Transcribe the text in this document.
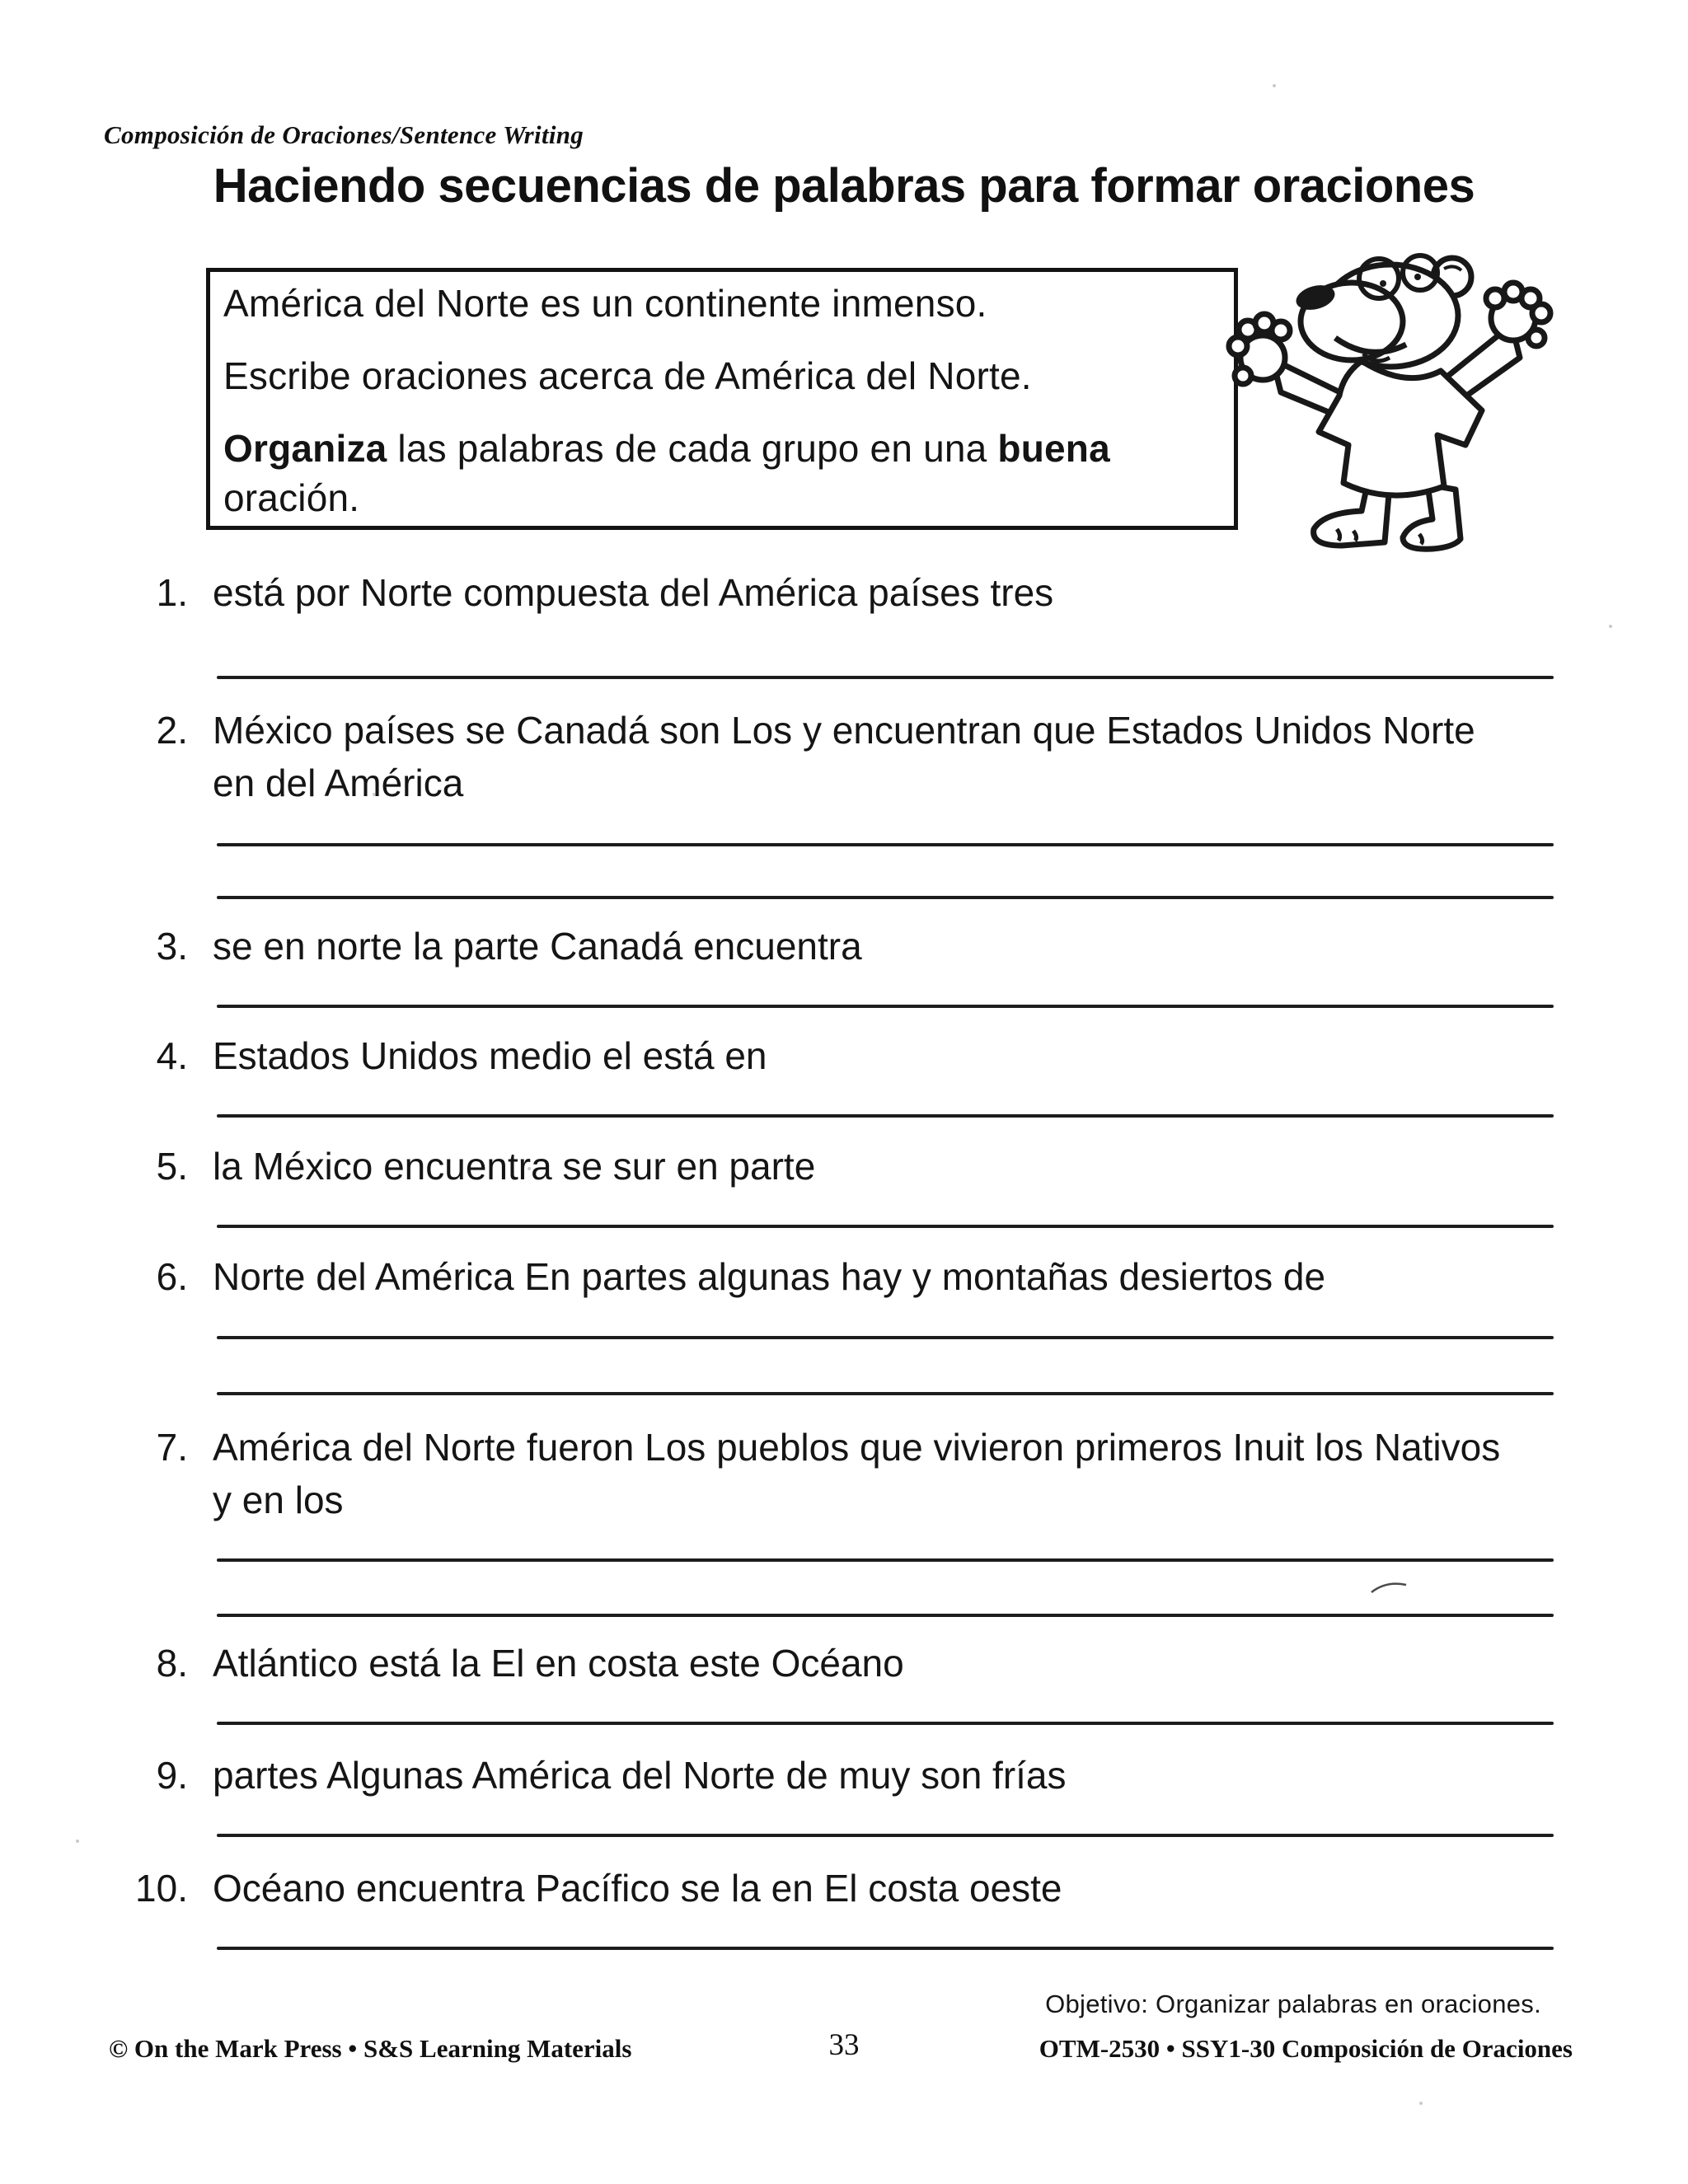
Composición de Oraciones/Sentence Writing
Haciendo secuencias de palabras para formar oraciones

América del Norte es un continente inmenso.

Escribe oraciones acerca de América del Norte.

Organiza las palabras de cada grupo en una buena oración.

1. está por Norte compuesta del América países tres
2. México países se Canadá son Los y encuentran que Estados Unidos Norte
en del América
3. se en norte la parte Canadá encuentra
4. Estados Unidos medio el está en
5. la México encuentra se sur en parte
6. Norte del América En partes algunas hay y montañas desiertos de
7. América del Norte fueron Los pueblos que vivieron primeros Inuit los Nativos
y en los
8. Atlántico está la El en costa este Océano
9. partes Algunas América del Norte de muy son frías
10. Océano encuentra Pacífico se la en El costa oeste
Objetivo: Organizar palabras en oraciones.
© On the Mark Press • S&S Learning Materials	33	OTM-2530 • SSY1-30 Composición de Oraciones
